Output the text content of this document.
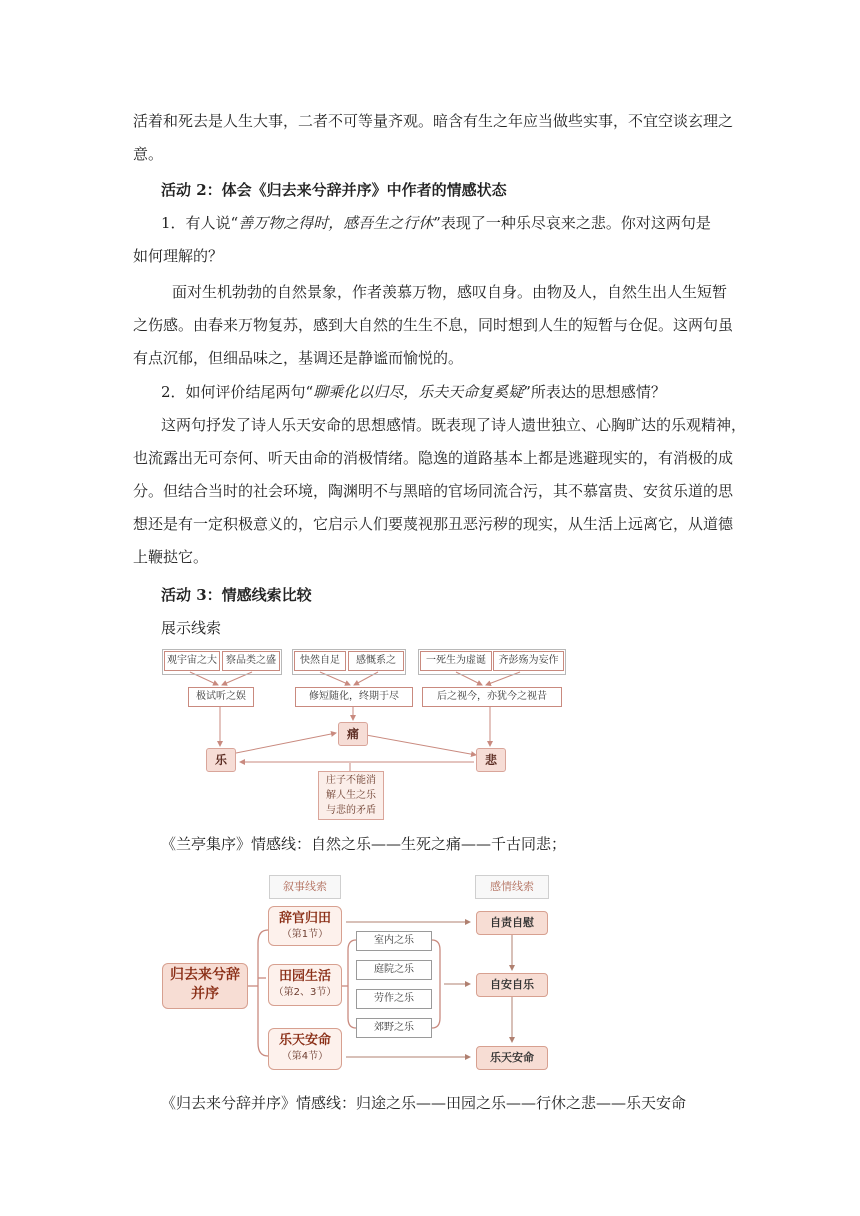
活着和死去是人生大事，二者不可等量齐观。暗含有生之年应当做些实事，不宜空谈玄理之
意。
活动 2：体会《归去来兮辞并序》中作者的情感状态
1．有人说“善万物之得时，感吾生之行休”表现了一种乐尽哀来之悲。你对这两句是
如何理解的？
面对生机勃勃的自然景象，作者羡慕万物，感叹自身。由物及人，自然生出人生短暂
之伤感。由春来万物复苏，感到大自然的生生不息，同时想到人生的短暂与仓促。这两句虽
有点沉郁，但细品味之，基调还是静谧而愉悦的。
2．如何评价结尾两句“聊乘化以归尽，乐夫天命复奚疑”所表达的思想感情？
这两句抒发了诗人乐天安命的思想感情。既表现了诗人遗世独立、心胸旷达的乐观精神，
也流露出无可奈何、听天由命的消极情绪。隐逸的道路基本上都是逃避现实的，有消极的成
分。但结合当时的社会环境，陶渊明不与黑暗的官场同流合污，其不慕富贵、安贫乐道的思
想还是有一定积极意义的，它启示人们要蔑视那丑恶污秽的现实，从生活上远离它，从道德
上鞭挞它。
活动 3：情感线索比较
展示线索
观宇宙之大 察品类之盛	快然自足	感慨系之	一死生为虚诞	齐彭殇为妄作
极试听之娱	修短随化，终期于尽	后之视今，亦犹今之视昔
乐
痛
悲
庄子不能消
解人生之乐
与悲的矛盾
《兰亭集序》情感线：自然之乐——生死之痛——千古同悲；
叙事线索	感情线索
归去来兮辞
并序
辞官归田
（第1节）
田园生活
（第2、3节）
乐天安命
（第4节）
室内之乐
庭院之乐
劳作之乐
郊野之乐
自责自慰
自安自乐
乐天安命
《归去来兮辞并序》情感线：归途之乐——田园之乐——行休之悲——乐天安命
